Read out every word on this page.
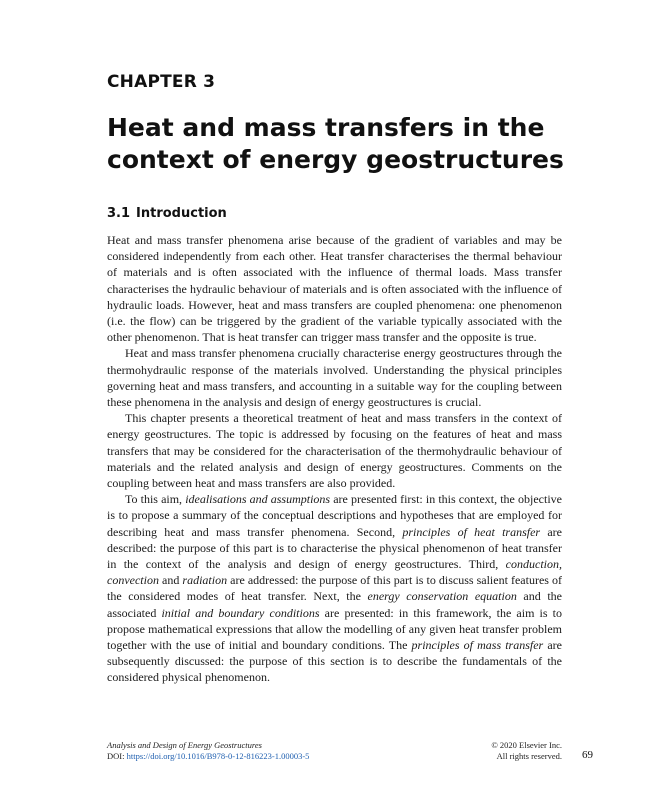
CHAPTER 3
Heat and mass transfers in the context of energy geostructures
3.1 Introduction

Heat and mass transfer phenomena arise because of the gradient of variables and may be considered independently from each other. Heat transfer characterises the thermal behaviour of materials and is often associated with the influence of thermal loads. Mass transfer characterises the hydraulic behaviour of materials and is often associated with the influence of hydraulic loads. However, heat and mass transfers are coupled phenomena: one phenomenon (i.e. the flow) can be triggered by the gradient of the variable typically associated with the other phenomenon. That is heat transfer can trigger mass transfer and the opposite is true.

Heat and mass transfer phenomena crucially characterise energy geostructures through the thermohydraulic response of the materials involved. Understanding the physical principles governing heat and mass transfers, and accounting in a suitable way for the coupling between these phenomena in the analysis and design of energy geostructures is crucial.

This chapter presents a theoretical treatment of heat and mass transfers in the context of energy geostructures. The topic is addressed by focusing on the features of heat and mass transfers that may be considered for the characterisation of the thermohydraulic behaviour of materials and the related analysis and design of energy geostructures. Comments on the coupling between heat and mass transfers are also provided.

To this aim, idealisations and assumptions are presented first: in this context, the objective is to propose a summary of the conceptual descriptions and hypotheses that are employed for describing heat and mass transfer phenomena. Second, principles of heat transfer are described: the purpose of this part is to characterise the physical phenomenon of heat transfer in the context of the analysis and design of energy geostructures. Third, conduction, convection and radiation are addressed: the purpose of this part is to discuss salient features of the considered modes of heat transfer. Next, the energy conservation equation and the associated initial and boundary conditions are presented: in this framework, the aim is to propose mathematical expressions that allow the modelling of any given heat transfer problem together with the use of initial and boundary conditions. The principles of mass transfer are subsequently discussed: the purpose of this section is to describe the fundamentals of the considered physical phenomenon.

Analysis and Design of Energy Geostructures
DOI: https://doi.org/10.1016/B978-0-12-816223-1.00003-5
© 2020 Elsevier Inc.
All rights reserved. 69
